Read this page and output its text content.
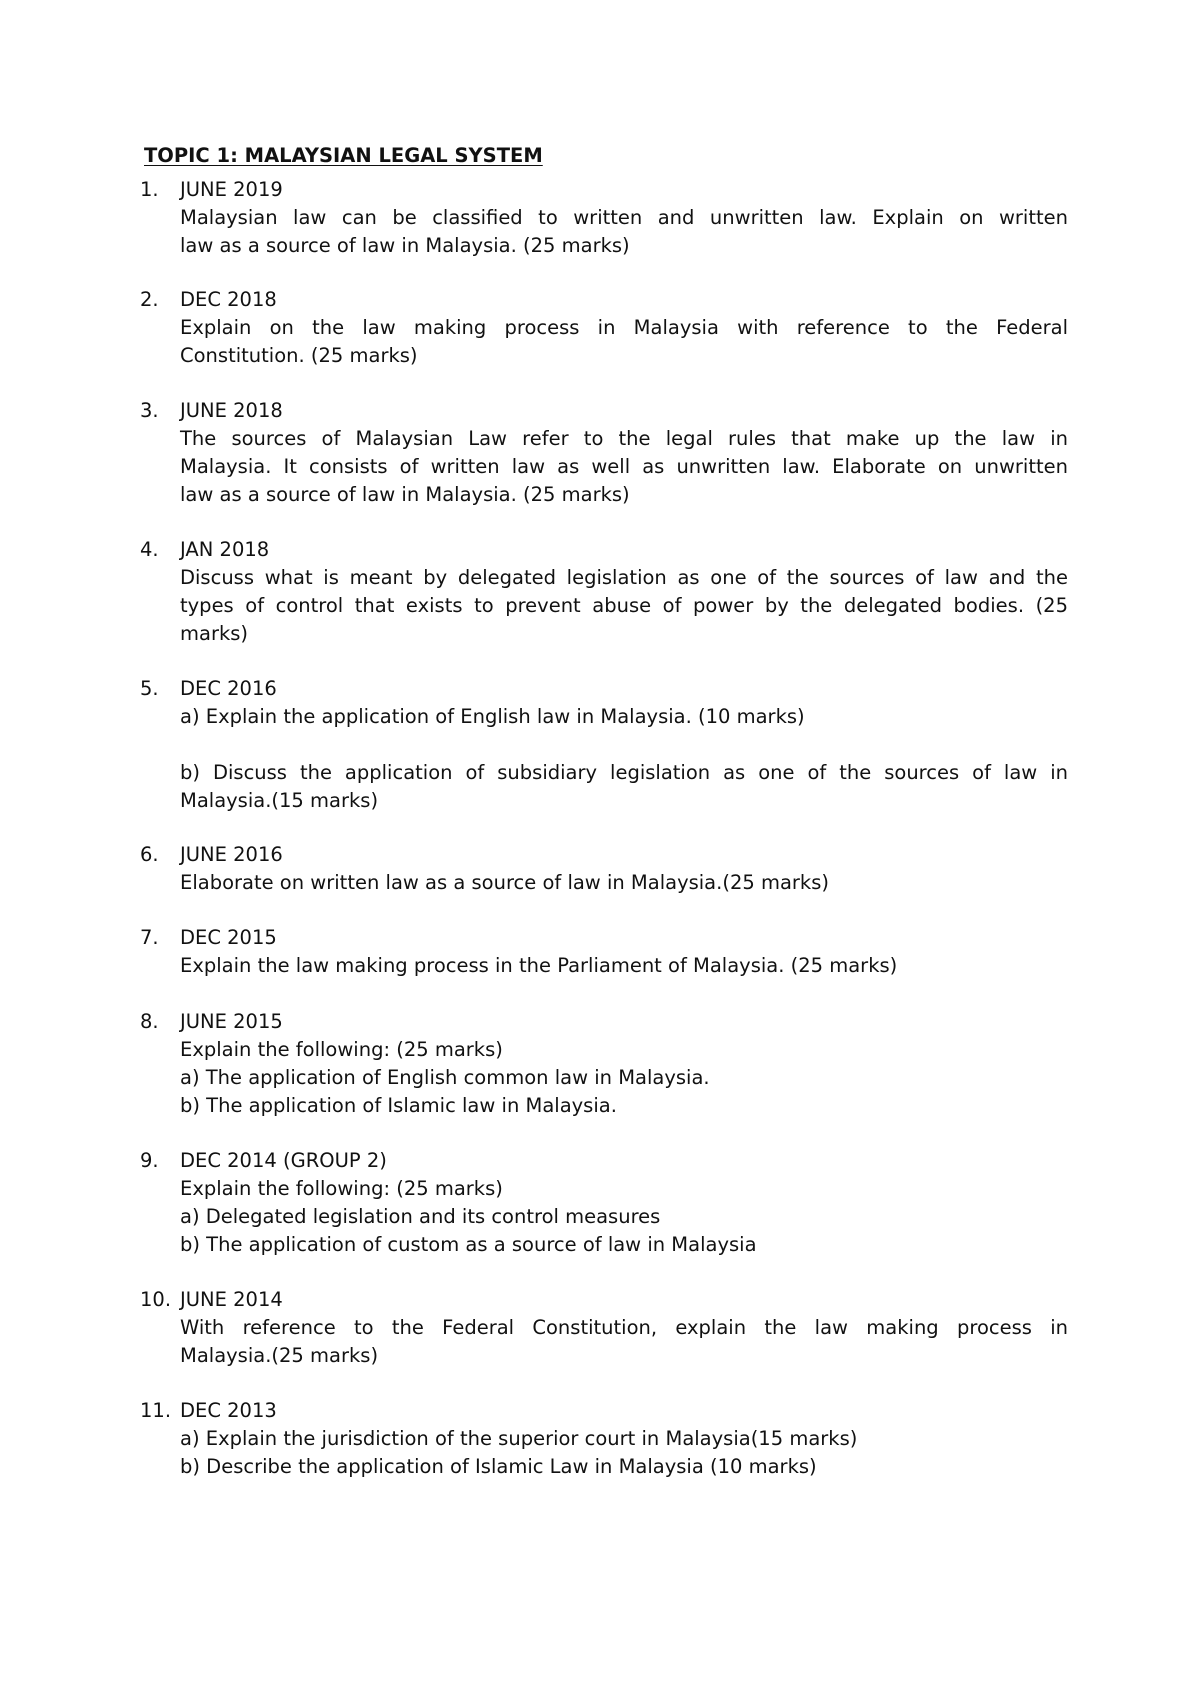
TOPIC 1: MALAYSIAN LEGAL SYSTEM
1.	JUNE 2019
Malaysian law can be classified to written and unwritten law. Explain on written
law as a source of law in Malaysia. (25 marks)
2.	DEC 2018
Explain on the law making process in Malaysia with reference to the Federal
Constitution. (25 marks)
3.	JUNE 2018
The sources of Malaysian Law refer to the legal rules that make up the law in
Malaysia. It consists of written law as well as unwritten law. Elaborate on unwritten
law as a source of law in Malaysia. (25 marks)
4.	JAN 2018
Discuss what is meant by delegated legislation as one of the sources of law and the
types of control that exists to prevent abuse of power by the delegated bodies. (25
marks)
5.	DEC 2016
a) Explain the application of English law in Malaysia. (10 marks)
b) Discuss the application of subsidiary legislation as one of the sources of law in
Malaysia.(15 marks)
6.	JUNE 2016
Elaborate on written law as a source of law in Malaysia.(25 marks)
7.	DEC 2015
Explain the law making process in the Parliament of Malaysia. (25 marks)
8.	JUNE 2015
Explain the following: (25 marks)
a) The application of English common law in Malaysia.
b) The application of Islamic law in Malaysia.
9.	DEC 2014 (GROUP 2)
Explain the following: (25 marks)
a) Delegated legislation and its control measures
b) The application of custom as a source of law in Malaysia
10. JUNE 2014
With reference to the Federal Constitution, explain the law making process in
Malaysia.(25 marks)
11. DEC 2013
a) Explain the jurisdiction of the superior court in Malaysia(15 marks)
b) Describe the application of Islamic Law in Malaysia (10 marks)
